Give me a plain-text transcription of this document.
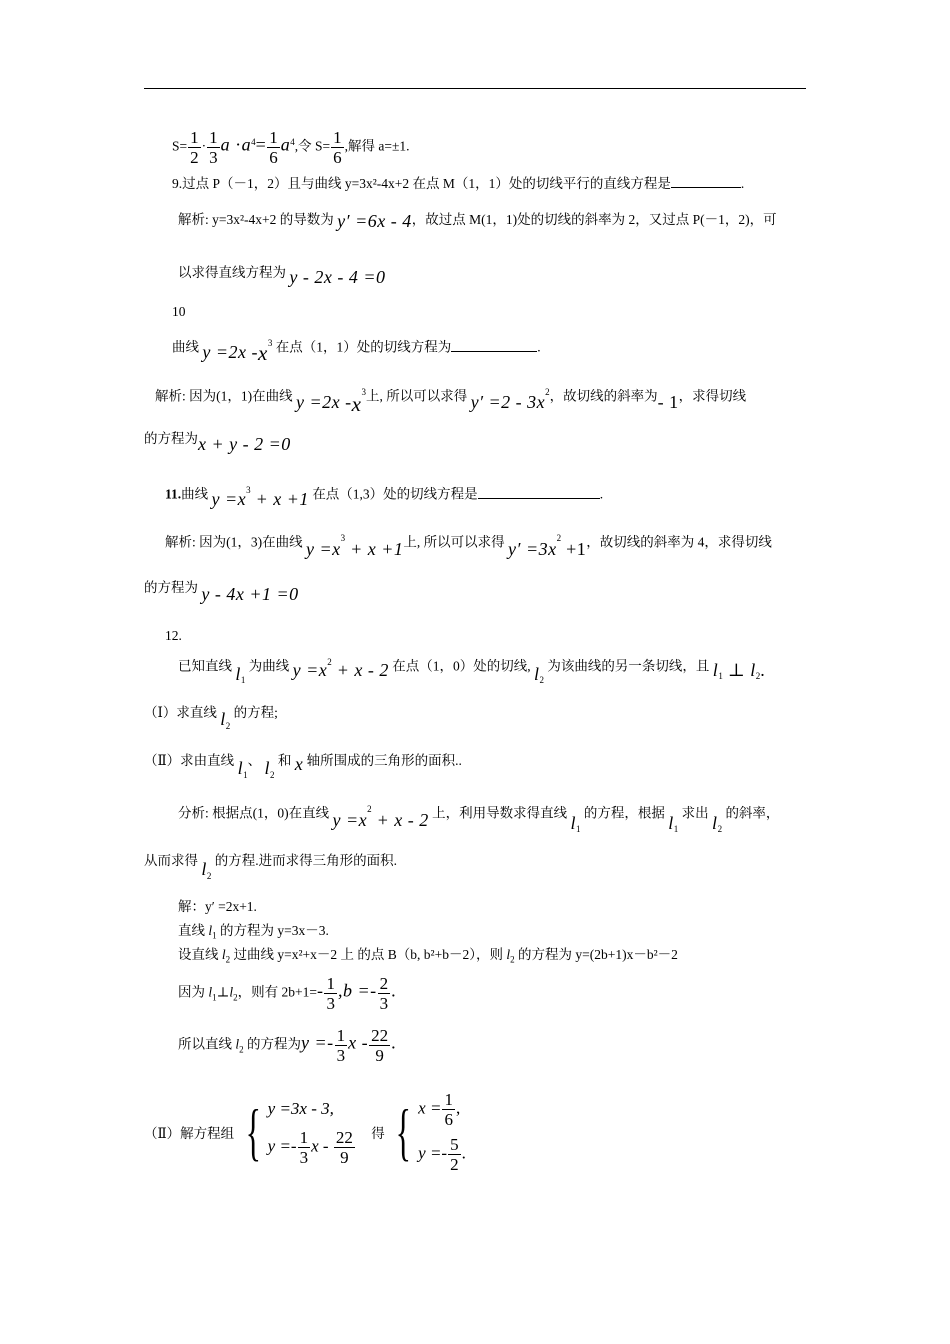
$S= \frac{1}{2} \cdot \frac{1}{3}$ $a \cdot a^4= \frac{1}{6} a^4$,令 $S= \frac{1}{6}$ ,解得 a=±1.
9.过点 P（－1，2）且与曲线 y=3x²-4x+2 在点 M（1，1）处的切线平行的直线方程是	.
解析: y=3x²-4x+2 的导数为 y′ =6x - 4，故过点 M(1，1)处的切线的斜率为 2，又过点 P(－1，2)，可
以求得直线方程为 y - 2x - 4 =0
10
曲线 y =2x $-x^3$ 在点（1，1）处的切线方程为	.
解析: 因为(1，1)在曲线 y =2x $-x^3$上, 所以可以求得 $y' =2 - 3x^2$，故切线的斜率为- 1，求得切线
的方程为x + y - 2 =0
11.曲线 $y =x^3 + x +1$ 在点（1,3）处的切线方程是	.
解析: 因为(1，3)在曲线 $y =x^3 + x +1$上, 所以可以求得 $y' =3x^2 +1$，故切线的斜率为 4，求得切线
的方程为 y - 4x +1 =0
12.
已知直线 $l_1$ 为曲线 $y =x^2 + x - 2$ 在点（1，0）处的切线, $l_2$ 为该曲线的另一条切线，且 $l_1$ ⊥ $l_2$.
（Ⅰ）求直线 $l_2$ 的方程;
（Ⅱ）求由直线 $l_1$、 $l_2$ 和 x 轴所围成的三角形的面积..
分析: 根据点(1，0)在直线 $y =x^2 + x - 2$ 上，利用导数求得直线 $l_1$ 的方程，根据 $l_1$ 求出 $l_2$ 的斜率，
从而求得 $l_2$ 的方程.进而求得三角形的面积.
解：y′ =2x+1.
直线 $l_1$ 的方程为 y=3x－3.
设直线 $l_2$ 过曲线 y=x²+x－2 上 的点 B（b, b²+b－2），则 $l_2$ 的方程为 y=(2b+1)x－b²－2
因为 $l_1\perp l_2$，则有 $2b+1=- \frac{1}{3} ,b =- \frac{2}{3}$ .
所以直线 $l_2$ 的方程为$y =- \frac{1}{3}$ x - $\frac{22}{9}$ .
（Ⅱ）解方程组 { y =3x - 3,
$y =- \frac{1}{3}$ x - $\frac{22}{9}$ 得 { $x = \frac{1}{6}$ ,
$y =- \frac{5}{2}$ .
